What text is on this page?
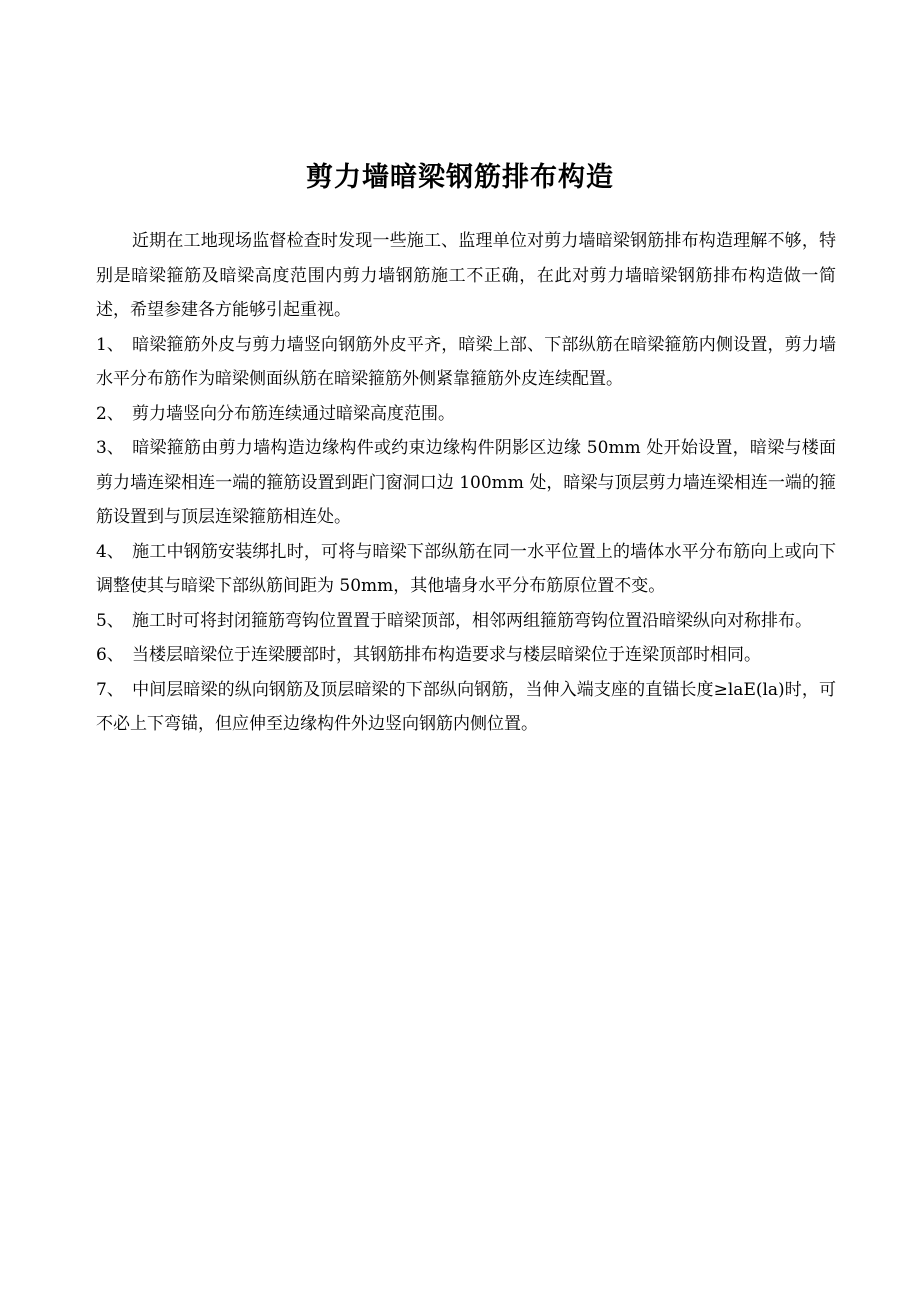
剪力墙暗梁钢筋排布构造

近期在工地现场监督检查时发现一些施工、监理单位对剪力墙暗梁钢筋排布构造理解不够，特别是暗梁箍筋及暗梁高度范围内剪力墙钢筋施工不正确，在此对剪力墙暗梁钢筋排布构造做一简述，希望参建各方能够引起重视。

1、 暗梁箍筋外皮与剪力墙竖向钢筋外皮平齐，暗梁上部、下部纵筋在暗梁箍筋内侧设置，剪力墙水平分布筋作为暗梁侧面纵筋在暗梁箍筋外侧紧靠箍筋外皮连续配置。

2、 剪力墙竖向分布筋连续通过暗梁高度范围。

3、 暗梁箍筋由剪力墙构造边缘构件或约束边缘构件阴影区边缘 50mm 处开始设置，暗梁与楼面剪力墙连梁相连一端的箍筋设置到距门窗洞口边 100mm 处，暗梁与顶层剪力墙连梁相连一端的箍筋设置到与顶层连梁箍筋相连处。

4、 施工中钢筋安装绑扎时，可将与暗梁下部纵筋在同一水平位置上的墙体水平分布筋向上或向下调整使其与暗梁下部纵筋间距为 50mm，其他墙身水平分布筋原位置不变。

5、 施工时可将封闭箍筋弯钩位置置于暗梁顶部，相邻两组箍筋弯钩位置沿暗梁纵向对称排布。

6、 当楼层暗梁位于连梁腰部时，其钢筋排布构造要求与楼层暗梁位于连梁顶部时相同。

7、 中间层暗梁的纵向钢筋及顶层暗梁的下部纵向钢筋，当伸入端支座的直锚长度≥laE(la)时，可不必上下弯锚，但应伸至边缘构件外边竖向钢筋内侧位置。
